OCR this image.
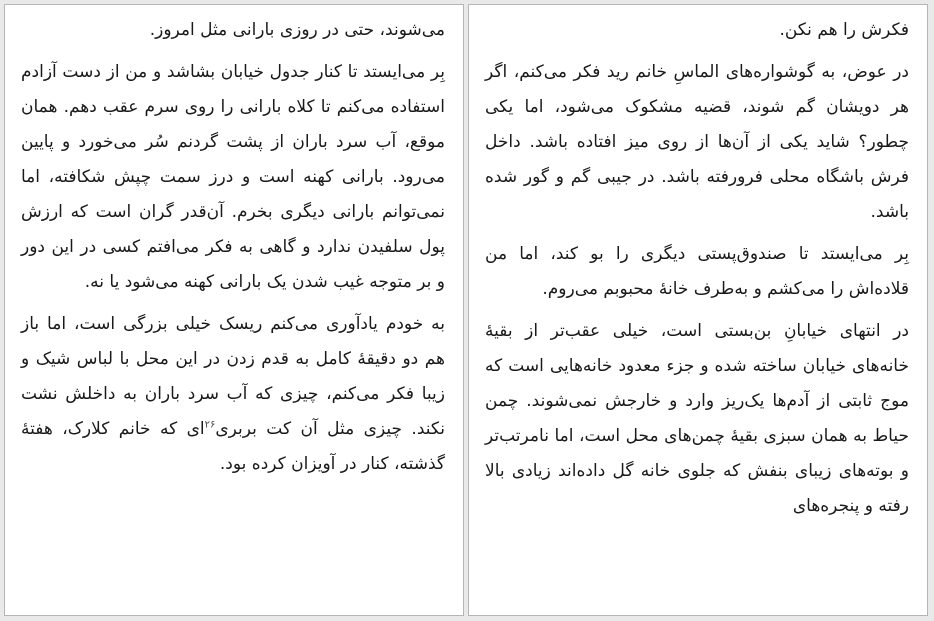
می‌شوند، حتی در روزی بارانی مثل امروز.

بِر می‌ایستد تا کنار جدول خیابان بشاشد و من از دست آزادم استفاده می‌کنم تا کلاه بارانی را روی سرم عقب دهم. همان موقع، آب سرد باران از پشت گردنم سُر می‌خورد و پایین می‌رود. بارانی کهنه است و درز سمت چپش شکافته، اما نمی‌توانم بارانی دیگری بخرم. آن‌قدر گران است که ارزش پول سلفیدن ندارد و گاهی به فکر می‌افتم کسی در این دور و بر متوجه غیب شدن یک بارانی کهنه می‌شود یا نه.

به خودم یادآوری می‌کنم ریسک خیلی بزرگی است، اما باز هم دو دقیقهٔ کامل به قدم زدن در این محل با لباس شیک و زیبا فکر می‌کنم، چیزی که آب سرد باران به داخلش نشت نکند. چیزی مثل آن کت بربری$^{۲۶}$ای که خانم کلارک، هفتهٔ گذشته، کنار در آویزان کرده بود.

فکرش را هم نکن.

در عوض، به گوشواره‌های الماسِ خانم رید فکر می‌کنم، اگر هر دویشان گم شوند، قضیه مشکوک می‌شود، اما یکی چطور؟ شاید یکی از آن‌ها از روی میز افتاده باشد. داخل فرش باشگاه محلی فرورفته باشد. در جیبی گم و گور شده باشد.

بِر می‌ایستد تا صندوق‌پستی دیگری را بو کند، اما من قلاده‌اش را می‌کشم و به‌طرف خانهٔ محبوبم می‌روم.

در انتهای خیابانِ بن‌بستی است، خیلی عقب‌تر از بقیهٔ خانه‌های خیابان ساخته شده و جزء معدود خانه‌هایی است که موج ثابتی از آدم‌ها یک‌ریز وارد و خارجش نمی‌شوند. چمن حیاط به همان سبزی بقیهٔ چمن‌های محل است، اما نامرتب‌تر و بوته‌های زیبای بنفش که جلوی خانه گل داده‌اند زیادی بالا رفته و پنجره‌های
